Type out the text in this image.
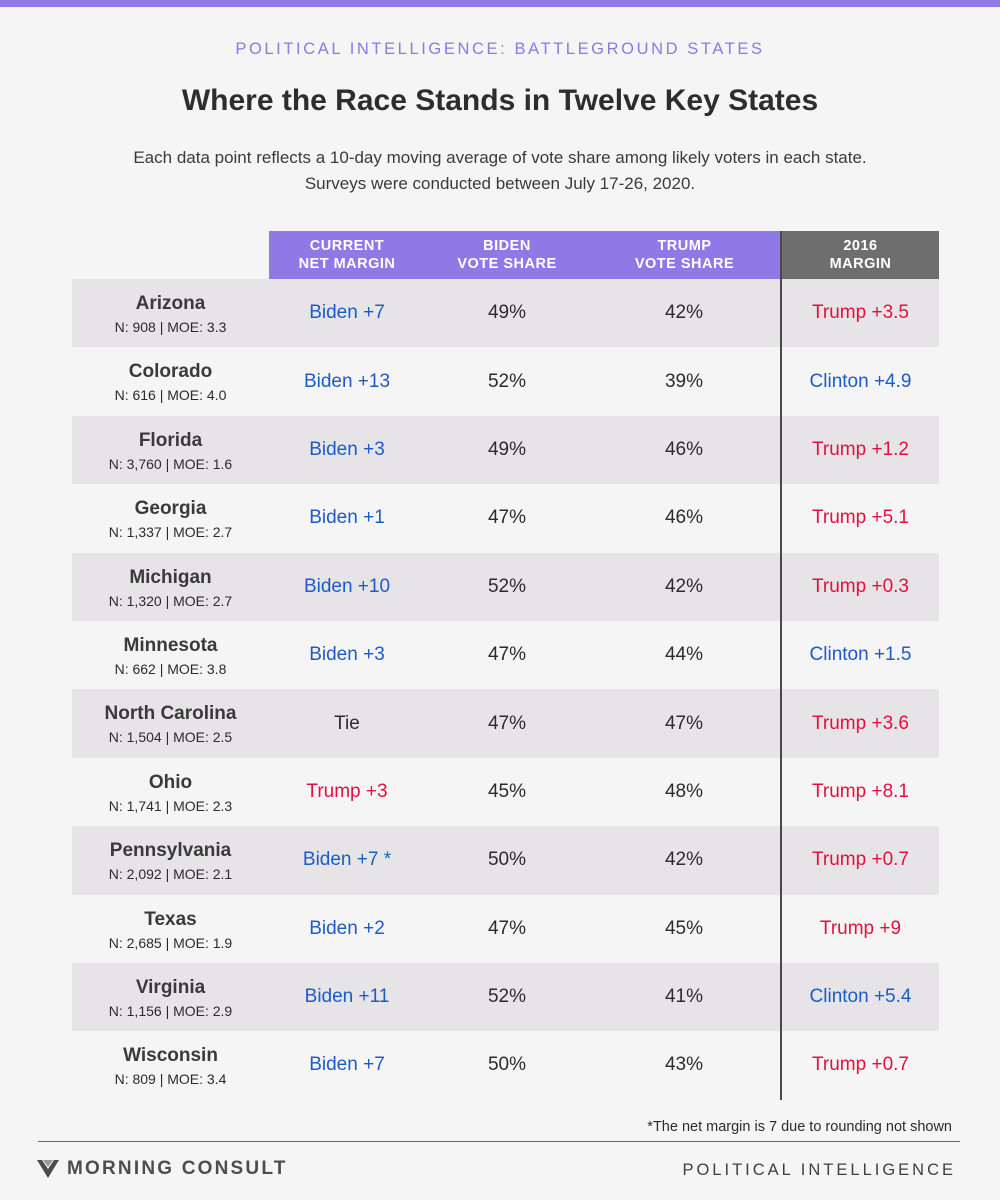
POLITICAL INTELLIGENCE: BATTLEGROUND STATES
Where the Race Stands in Twelve Key States
Each data point reflects a 10-day moving average of vote share among likely voters in each state.
Surveys were conducted between July 17-26, 2020.
CURRENT
NET MARGIN
BIDEN
VOTE SHARE
TRUMP
VOTE SHARE
2016
MARGIN
Arizona
N: 908 | MOE: 3.3
Biden +7	49%	42%	Trump +3.5
Colorado
N: 616 | MOE: 4.0
Biden +13	52%	39%	Clinton +4.9
Florida
N: 3,760 | MOE: 1.6
Biden +3	49%	46%	Trump +1.2
Georgia
N: 1,337 | MOE: 2.7
Biden +1	47%	46%	Trump +5.1
Michigan
N: 1,320 | MOE: 2.7
Biden +10	52%	42%	Trump +0.3
Minnesota
N: 662 | MOE: 3.8
Biden +3	47%	44%	Clinton +1.5
North Carolina
N: 1,504 | MOE: 2.5
Tie	47%	47%	Trump +3.6
Ohio
N: 1,741 | MOE: 2.3
Trump +3	45%	48%	Trump +8.1
Pennsylvania
N: 2,092 | MOE: 2.1
Biden +7 *	50%	42%	Trump +0.7
Texas
N: 2,685 | MOE: 1.9
Biden +2	47%	45%	Trump +9
Virginia
N: 1,156 | MOE: 2.9
Biden +11	52%	41%	Clinton +5.4
Wisconsin
N: 809 | MOE: 3.4
Biden +7	50%	43%	Trump +0.7
*The net margin is 7 due to rounding not shown
MORNING CONSULT	POLITICAL INTELLIGENCE
